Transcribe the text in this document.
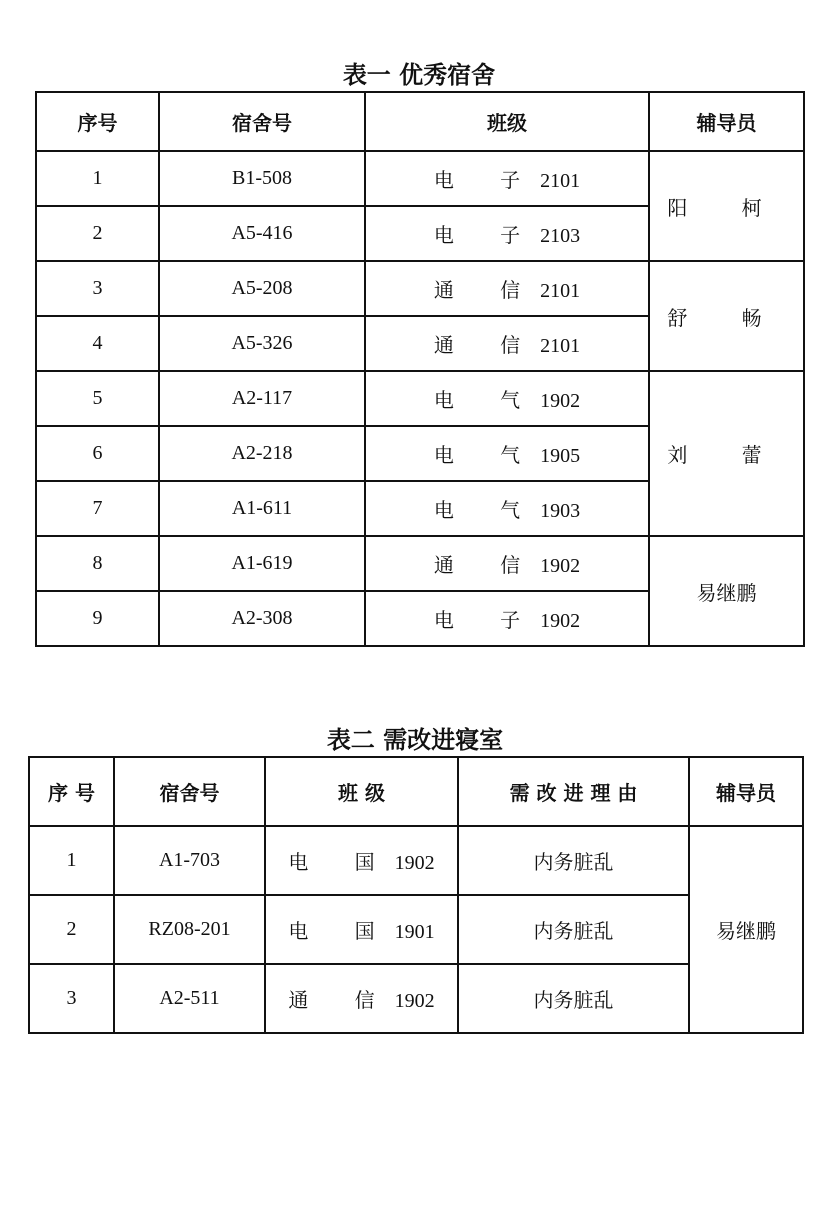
表一 优秀宿舍
序号	宿舍号	班级	辅导员
1	B1-508	电 子2101	阳 柯
2	A5-416	电 子2103	
3	A5-208	通 信2101	舒 畅
4	A5-326	通 信2101	
5	A2-117	电 气1902	刘 蕾
6	A2-218	电 气1905	
7	A1-611	电 气1903	
8	A1-619	通 信1902	易继鹏
9	A2-308	电 子1902	
表二 需改进寝室
序 号	宿舍号	班 级	需 改 进 理 由	辅导员
1	A1-703	电 国1902	内务脏乱	易继鹏
2	RZ08-201	电 国1901	内务脏乱	
3	A2-511	通 信1902	内务脏乱	
